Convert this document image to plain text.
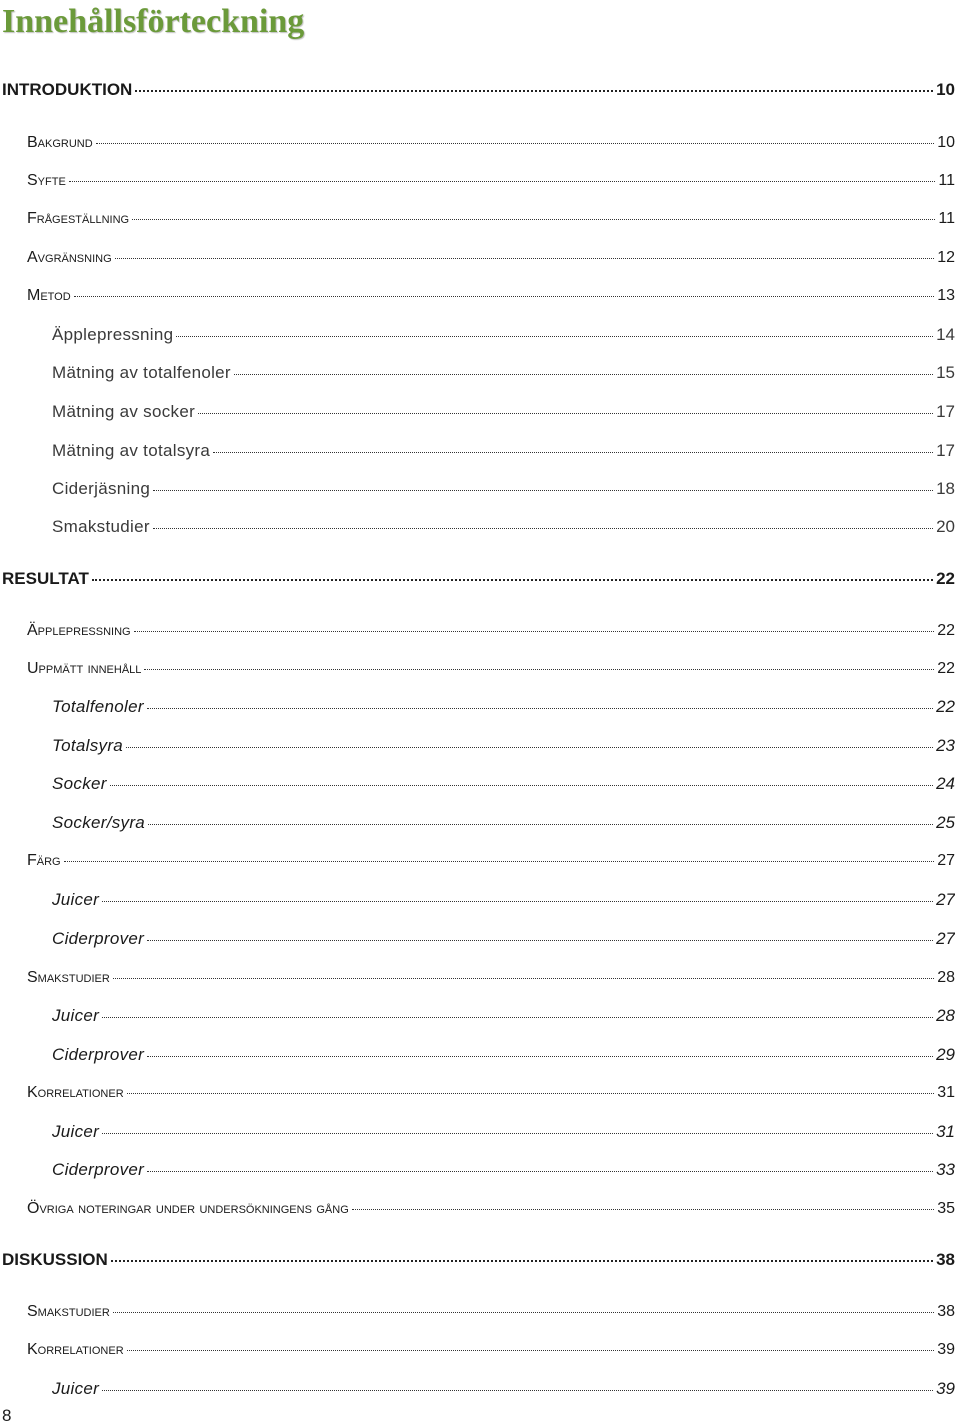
Innehållsförteckning
INTRODUKTION	10
Bakgrund	10
Syfte	11
Frågeställning	11
Avgränsning	12
Metod	13
Äpplepressning	14
Mätning av totalfenoler	15
Mätning av socker	17
Mätning av totalsyra	17
Ciderjäsning	18
Smakstudier	20
RESULTAT	22
Äpplepressning	22
Uppmätt innehåll	22
Totalfenoler	22
Totalsyra	23
Socker	24
Socker/syra	25
Färg	27
Juicer	27
Ciderprover	27
Smakstudier	28
Juicer	28
Ciderprover	29
Korrelationer	31
Juicer	31
Ciderprover	33
Övriga noteringar under undersökningens gång	35
DISKUSSION	38
Smakstudier	38
Korrelationer	39
Juicer	39
8
